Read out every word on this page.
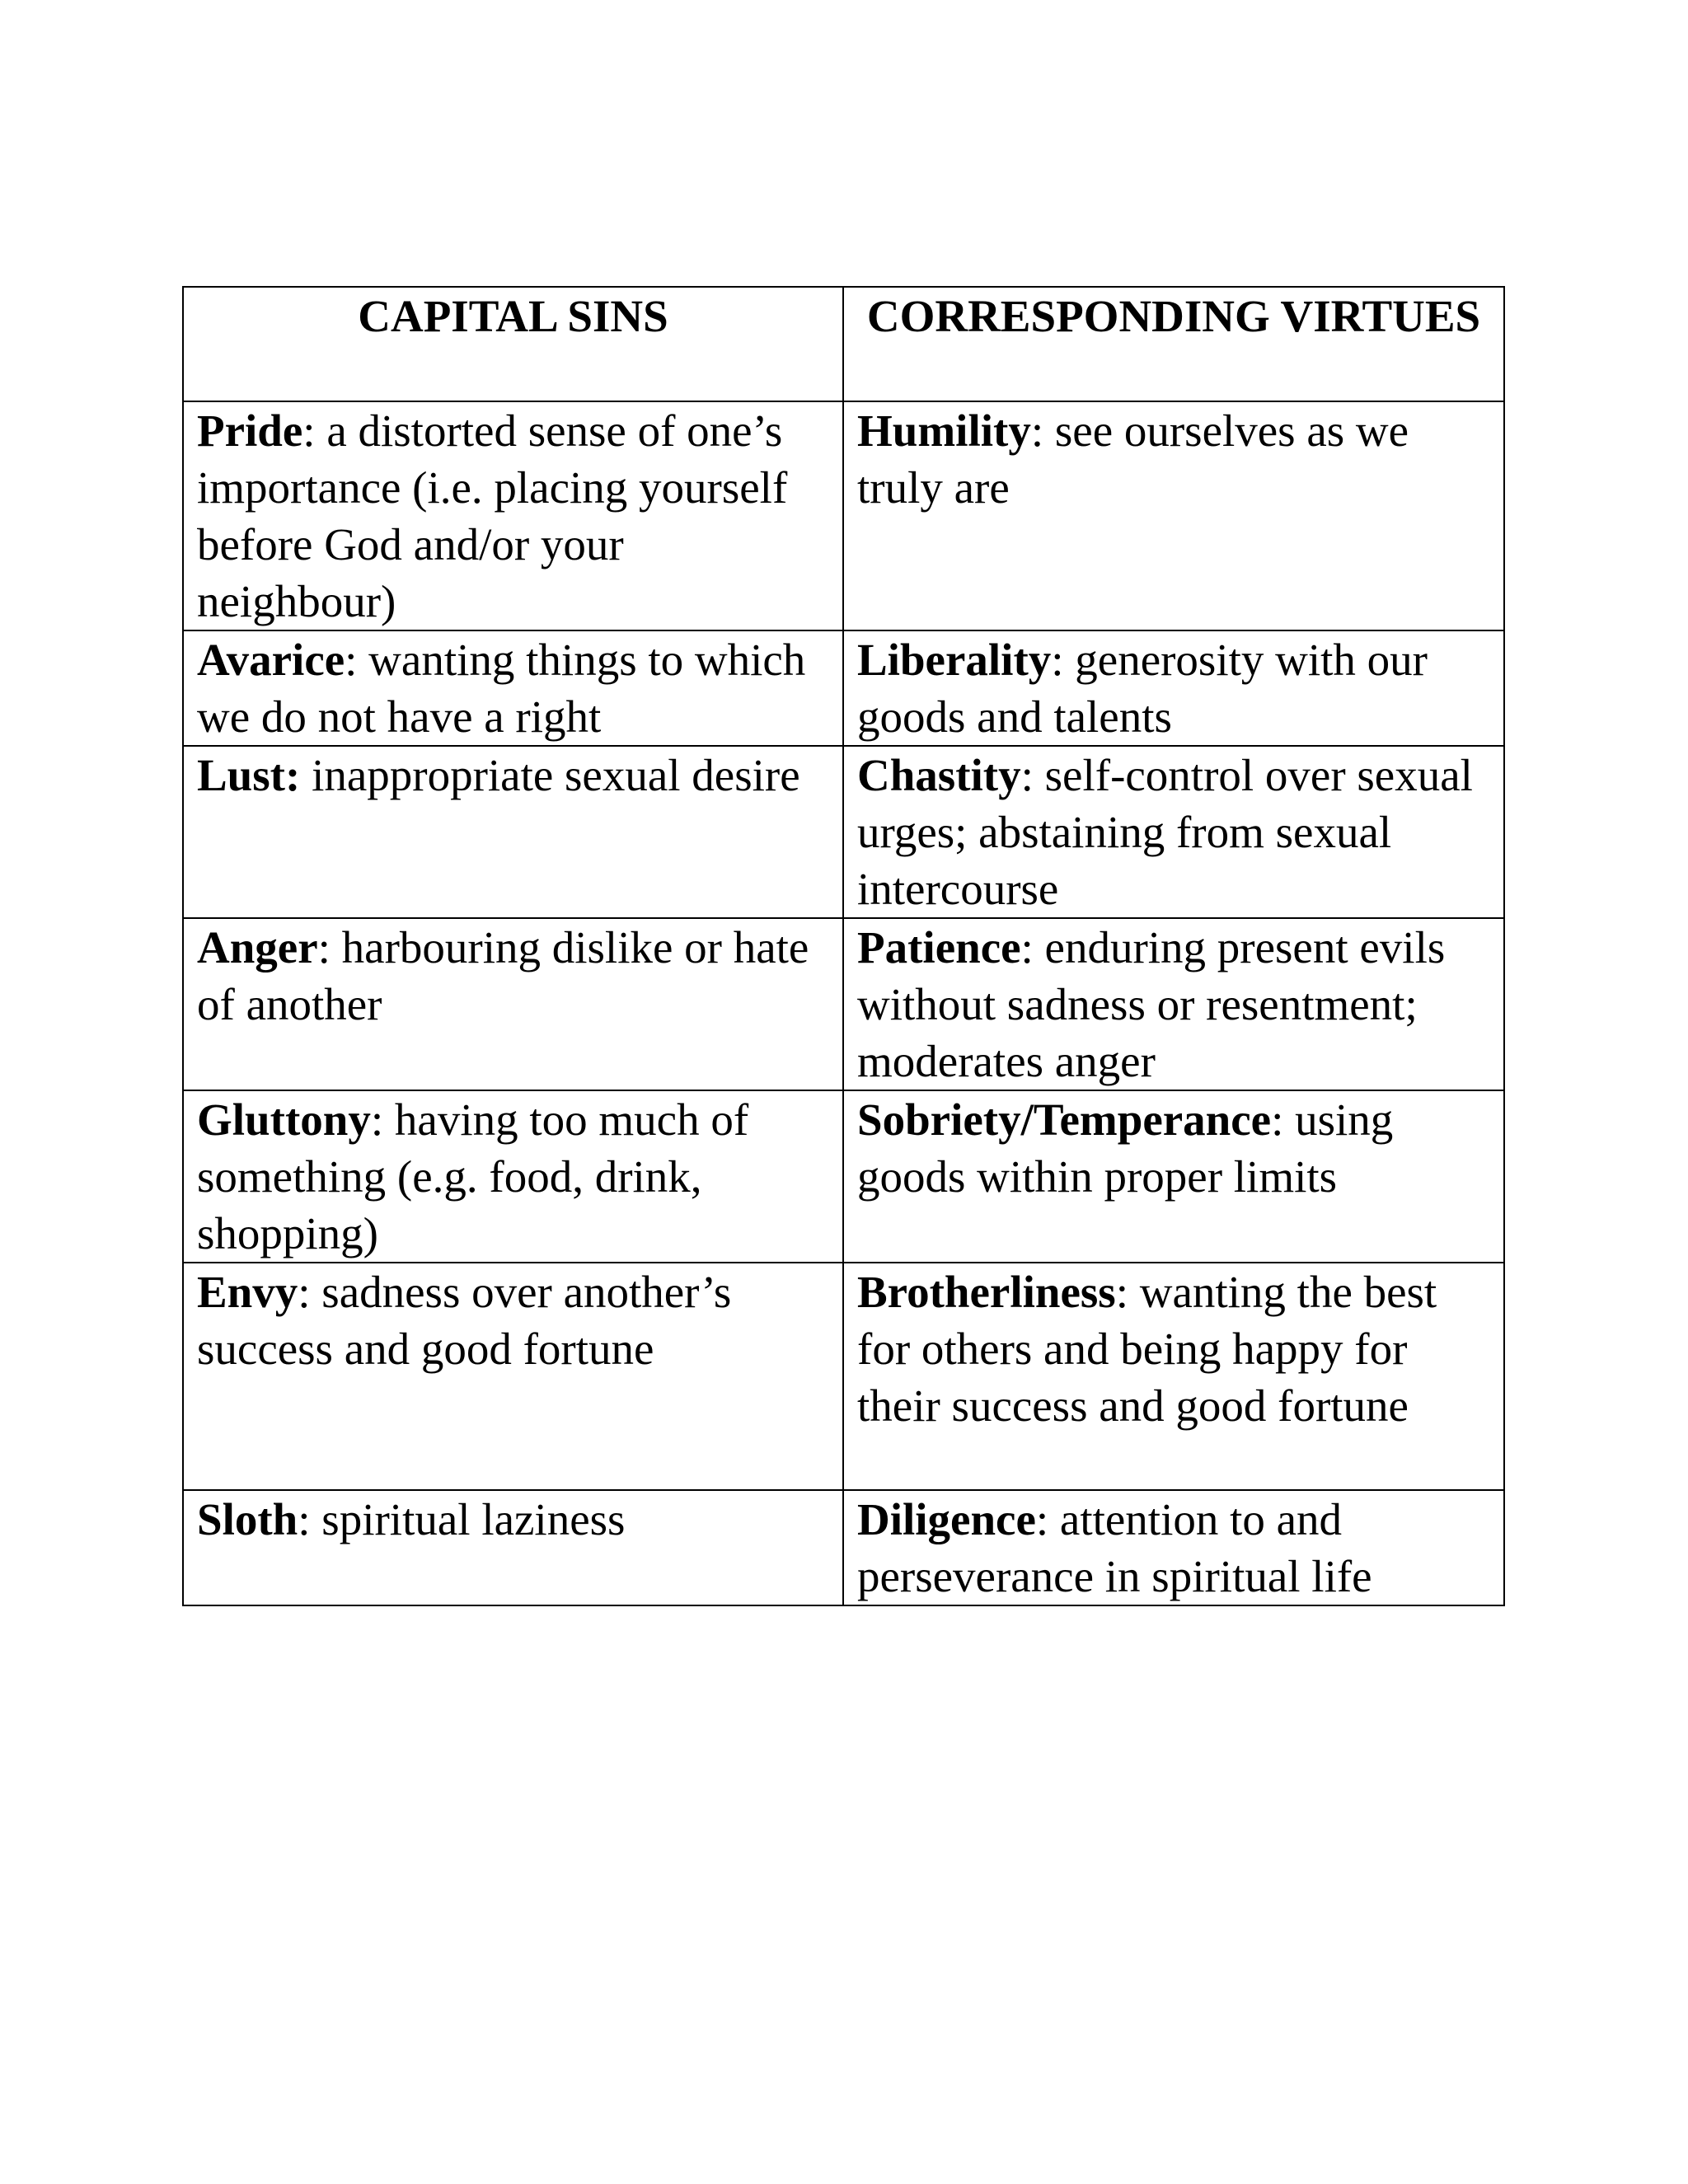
CAPITAL SINS	CORRESPONDING VIRTUES
Pride: a distorted sense of one’s importance (i.e. placing yourself before God and/or your neighbour)	Humility: see ourselves as we truly are
Avarice: wanting things to which we do not have a right	Liberality: generosity with our goods and talents
Lust: inappropriate sexual desire	Chastity: self-control over sexual urges; abstaining from sexual intercourse
Anger: harbouring dislike or hate of another	Patience: enduring present evils without sadness or resentment; moderates anger
Gluttony: having too much of something (e.g. food, drink, shopping)	Sobriety/Temperance: using goods within proper limits
Envy: sadness over another’s success and good fortune	Brotherliness: wanting the best for others and being happy for their success and good fortune
Sloth: spiritual laziness	Diligence: attention to and perseverance in spiritual life
